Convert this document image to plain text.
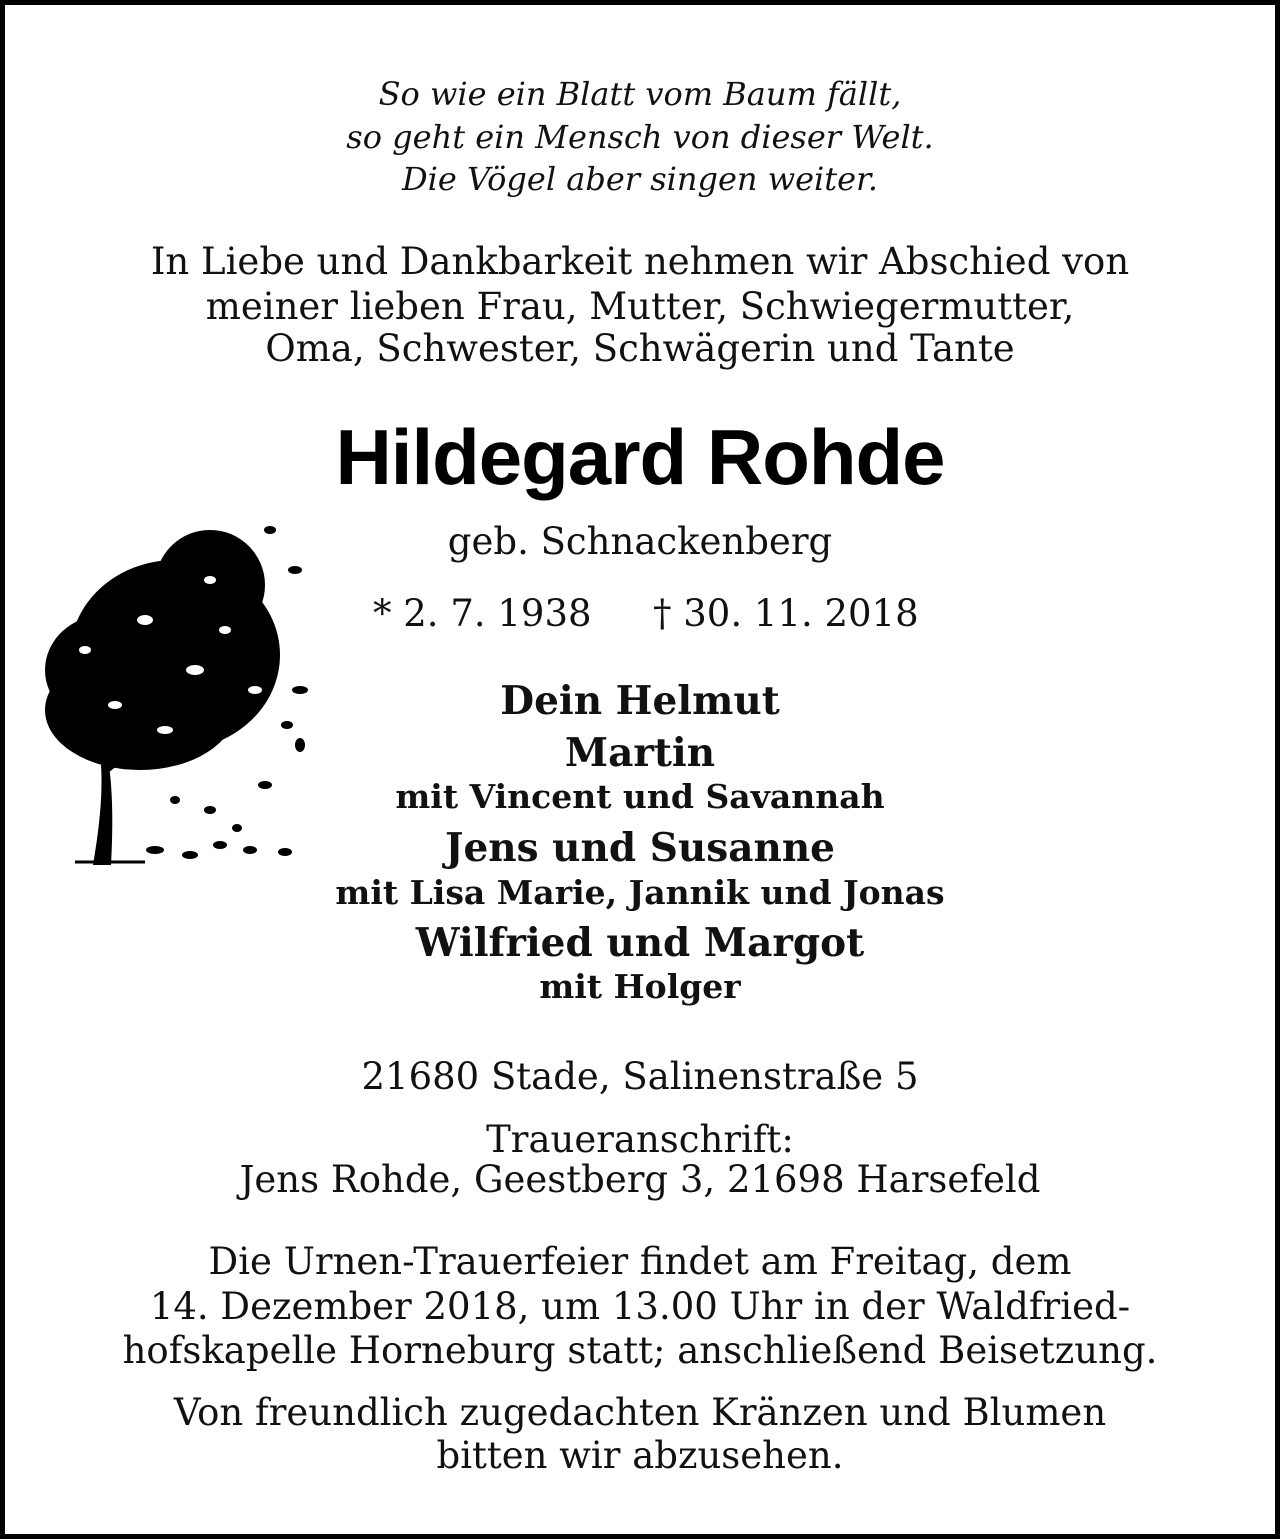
So wie ein Blatt vom Baum fällt,
so geht ein Mensch von dieser Welt.
Die Vögel aber singen weiter.
In Liebe und Dankbarkeit nehmen wir Abschied von
meiner lieben Frau, Mutter, Schwiegermutter,
Oma, Schwester, Schwägerin und Tante
Hildegard Rohde
geb. Schnackenberg
* 2. 7. 1938 † 30. 11. 2018
Dein Helmut
Martin
mit Vincent und Savannah
Jens und Susanne
mit Lisa Marie, Jannik und Jonas
Wilfried und Margot
mit Holger
21680 Stade, Salinenstraße 5
Traueranschrift:
Jens Rohde, Geestberg 3, 21698 Harsefeld
Die Urnen-Trauerfeier findet am Freitag, dem
14. Dezember 2018, um 13.00 Uhr in der Waldfried-
hofskapelle Horneburg statt; anschließend Beisetzung.
Von freundlich zugedachten Kränzen und Blumen
bitten wir abzusehen.
